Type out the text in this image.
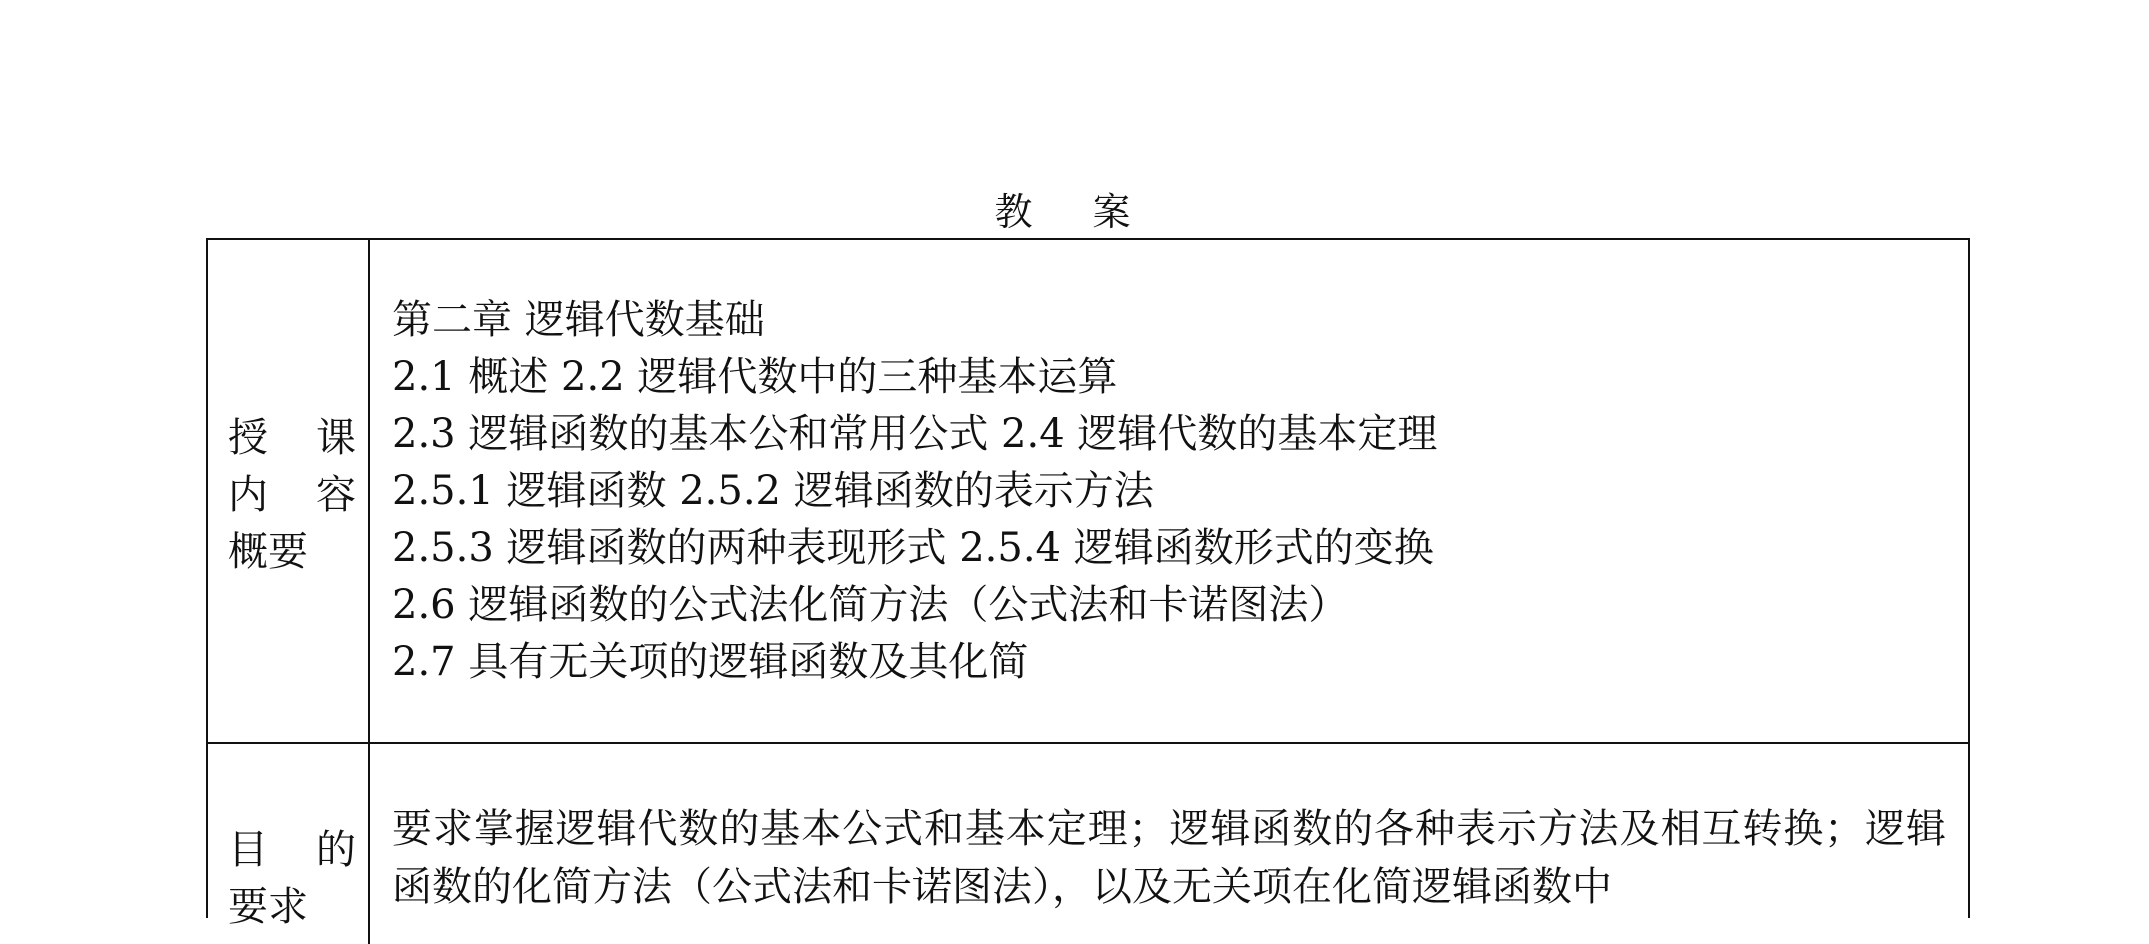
教 案
授 课
内 容
概要
第二章 逻辑代数基础
2.1 概述 2.2 逻辑代数中的三种基本运算
2.3 逻辑函数的基本公和常用公式 2.4 逻辑代数的基本定理
2.5.1 逻辑函数 2.5.2 逻辑函数的表示方法
2.5.3 逻辑函数的两种表现形式 2.5.4 逻辑函数形式的变换
2.6 逻辑函数的公式法化简方法（公式法和卡诺图法）
2.7 具有无关项的逻辑函数及其化简
目 的
要求
要求掌握逻辑代数的基本公式和基本定理；逻辑函数的各种表示方法及相互转换；逻辑函数的化简方法（公式法和卡诺图法），以及无关项在化简逻辑函数中
